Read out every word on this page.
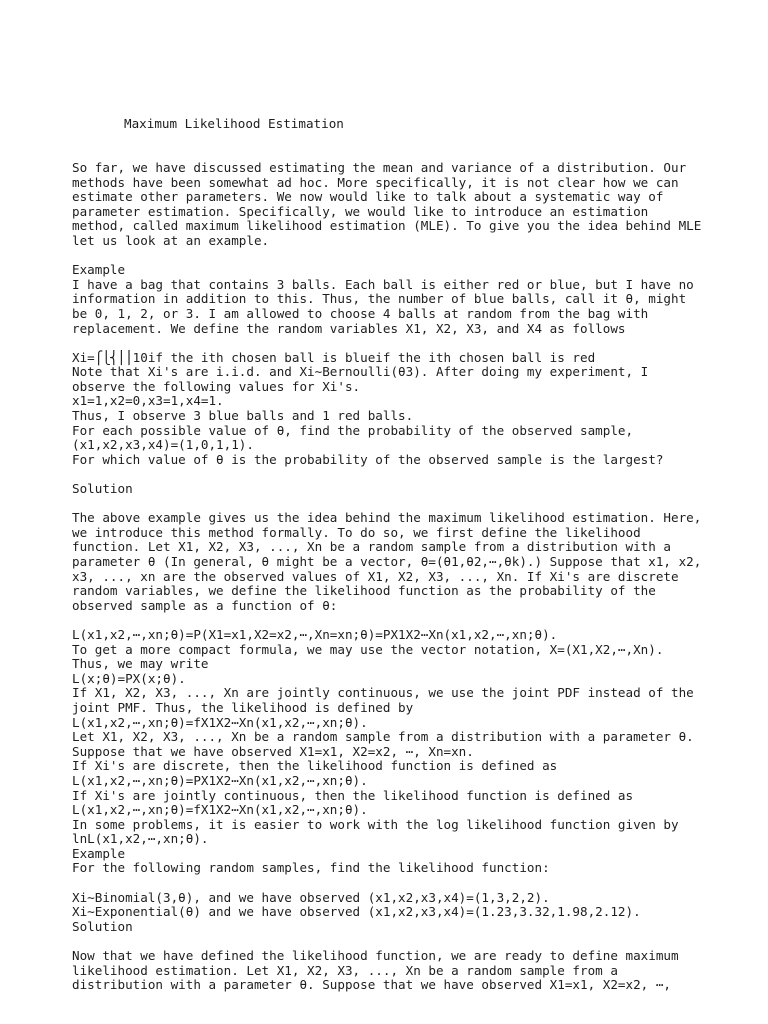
Maximum Likelihood Estimation

So far, we have discussed estimating the mean and variance of a distribution. Our
methods have been somewhat ad hoc. More specifically, it is not clear how we can
estimate other parameters. We now would like to talk about a systematic way of
parameter estimation. Specifically, we would like to introduce an estimation
method, called maximum likelihood estimation (MLE). To give you the idea behind MLE
let us look at an example.
Example
I have a bag that contains 3 balls. Each ball is either red or blue, but I have no
information in addition to this. Thus, the number of blue balls, call it θ, might
be 0, 1, 2, or 3. I am allowed to choose 4 balls at random from the bag with
replacement. We define the random variables X1, X2, X3, and X4 as follows
Xi=⎧⎩⎨⎪⎪10if the ith chosen ball is blueif the ith chosen ball is red
Note that Xi's are i.i.d. and Xi∼Bernoulli(θ3). After doing my experiment, I
observe the following values for Xi's.
x1=1,x2=0,x3=1,x4=1.
Thus, I observe 3 blue balls and 1 red balls.
For each possible value of θ, find the probability of the observed sample,
(x1,x2,x3,x4)=(1,0,1,1).
For which value of θ is the probability of the observed sample is the largest?
Solution
The above example gives us the idea behind the maximum likelihood estimation. Here,
we introduce this method formally. To do so, we first define the likelihood
function. Let X1, X2, X3, ..., Xn be a random sample from a distribution with a
parameter θ (In general, θ might be a vector, θ=(θ1,θ2,⋯,θk).) Suppose that x1, x2,
x3, ..., xn are the observed values of X1, X2, X3, ..., Xn. If Xi's are discrete
random variables, we define the likelihood function as the probability of the
observed sample as a function of θ:
L(x1,x2,⋯,xn;θ)=P(X1=x1,X2=x2,⋯,Xn=xn;θ)=PX1X2⋯Xn(x1,x2,⋯,xn;θ).
To get a more compact formula, we may use the vector notation, X=(X1,X2,⋯,Xn).
Thus, we may write
L(x;θ)=PX(x;θ).
If X1, X2, X3, ..., Xn are jointly continuous, we use the joint PDF instead of the
joint PMF. Thus, the likelihood is defined by
L(x1,x2,⋯,xn;θ)=fX1X2⋯Xn(x1,x2,⋯,xn;θ).
Let X1, X2, X3, ..., Xn be a random sample from a distribution with a parameter θ.
Suppose that we have observed X1=x1, X2=x2, ⋯, Xn=xn.
If Xi's are discrete, then the likelihood function is defined as
L(x1,x2,⋯,xn;θ)=PX1X2⋯Xn(x1,x2,⋯,xn;θ).
If Xi's are jointly continuous, then the likelihood function is defined as
L(x1,x2,⋯,xn;θ)=fX1X2⋯Xn(x1,x2,⋯,xn;θ).
In some problems, it is easier to work with the log likelihood function given by
lnL(x1,x2,⋯,xn;θ).
Example
For the following random samples, find the likelihood function:
Xi∼Binomial(3,θ), and we have observed (x1,x2,x3,x4)=(1,3,2,2).
Xi∼Exponential(θ) and we have observed (x1,x2,x3,x4)=(1.23,3.32,1.98,2.12).
Solution
Now that we have defined the likelihood function, we are ready to define maximum
likelihood estimation. Let X1, X2, X3, ..., Xn be a random sample from a
distribution with a parameter θ. Suppose that we have observed X1=x1, X2=x2, ⋯,
